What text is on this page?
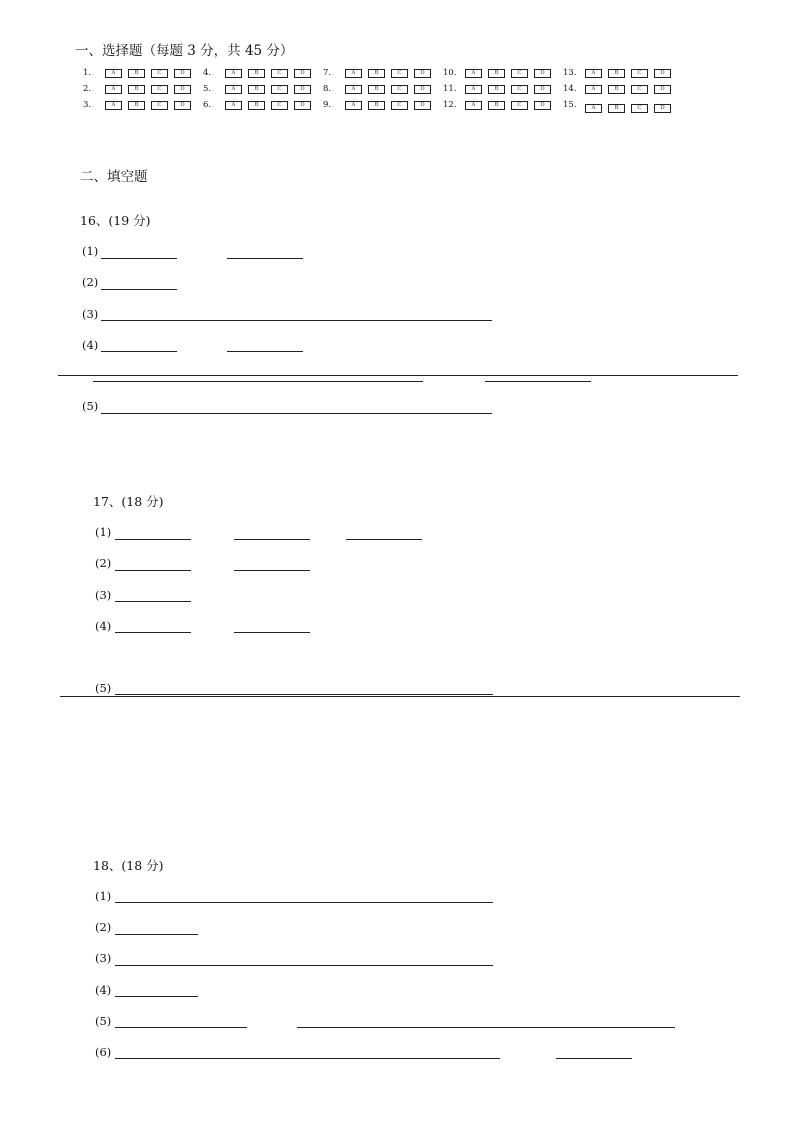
一、选择题（每题 3 分，共 45 分）
1.	A	B	C	D
2.	A	B	C	D
3.	A	B	C	D
4.	A	B	C	D
5.	A	B	C	D
6.	A	B	C	D
7.	A	B	C	D
8.	A	B	C	D
9.	A	B	C	D
10.	A	B	C	D
11.	A	B	C	D
12.	A	B	C	D
13.	A	B	C	D
14.	A	B	C	D
15.	A	B	C	D
二、填空题
16、(19 分)
(1)
(2)
(3)
(4)
(5)
17、(18 分)
(1)
(2)
(3)
(4)
(5)
18、(18 分)
(1)
(2)
(3)
(4)
(5)
(6)
